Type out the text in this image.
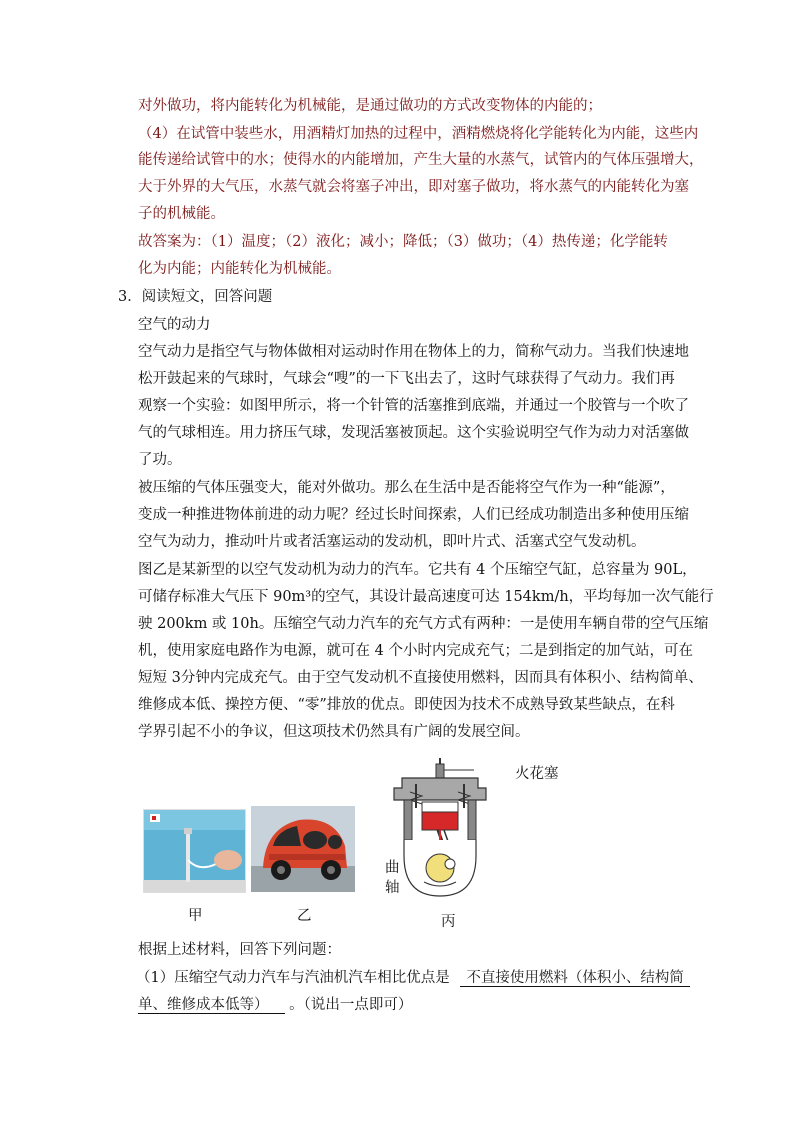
对外做功，将内能转化为机械能，是通过做功的方式改变物体的内能的；
（4）在试管中装些水，用酒精灯加热的过程中，酒精燃烧将化学能转化为内能，这些内
能传递给试管中的水；使得水的内能增加，产生大量的水蒸气，试管内的气体压强增大，
大于外界的大气压，水蒸气就会将塞子冲出，即对塞子做功，将水蒸气的内能转化为塞
子的机械能。
故答案为：（1）温度；（2）液化；减小；降低；（3）做功；（4）热传递；化学能转
化为内能；内能转化为机械能。
3．阅读短文，回答问题
空气的动力
空气动力是指空气与物体做相对运动时作用在物体上的力，简称气动力。当我们快速地
松开鼓起来的气球时，气球会“嗖”的一下飞出去了，这时气球获得了气动力。我们再
观察一个实验：如图甲所示，将一个针管的活塞推到底端，并通过一个胶管与一个吹了
气的气球相连。用力挤压气球，发现活塞被顶起。这个实验说明空气作为动力对活塞做
了功。
被压缩的气体压强变大，能对外做功。那么在生活中是否能将空气作为一种“能源”，
变成一种推进物体前进的动力呢？经过长时间探索，人们已经成功制造出多种使用压缩
空气为动力，推动叶片或者活塞运动的发动机，即叶片式、活塞式空气发动机。
图乙是某新型的以空气发动机为动力的汽车。它共有 4 个压缩空气缸，总容量为 90L，
可储存标准大气压下 90m³的空气，其设计最高速度可达 154km/h，平均每加一次气能行
驶 200km 或 10h。压缩空气动力汽车的充气方式有两种：一是使用车辆自带的空气压缩
机，使用家庭电路作为电源，就可在 4 个小时内完成充气；二是到指定的加气站，可在
短短 3分钟内完成充气。由于空气发动机不直接使用燃料，因而具有体积小、结构简单、
维修成本低、操控方便、“零”排放的优点。即使因为技术不成熟导致某些缺点，在科
学界引起不小的争议，但这项技术仍然具有广阔的发展空间。
火花塞
曲
轴
甲	乙	丙
根据上述材料，回答下列问题：
（1）压缩空气动力汽车与汽油机汽车相比优点是 不直接使用燃料（体积小、结构简
单、维修成本低等） 。（说出一点即可）
